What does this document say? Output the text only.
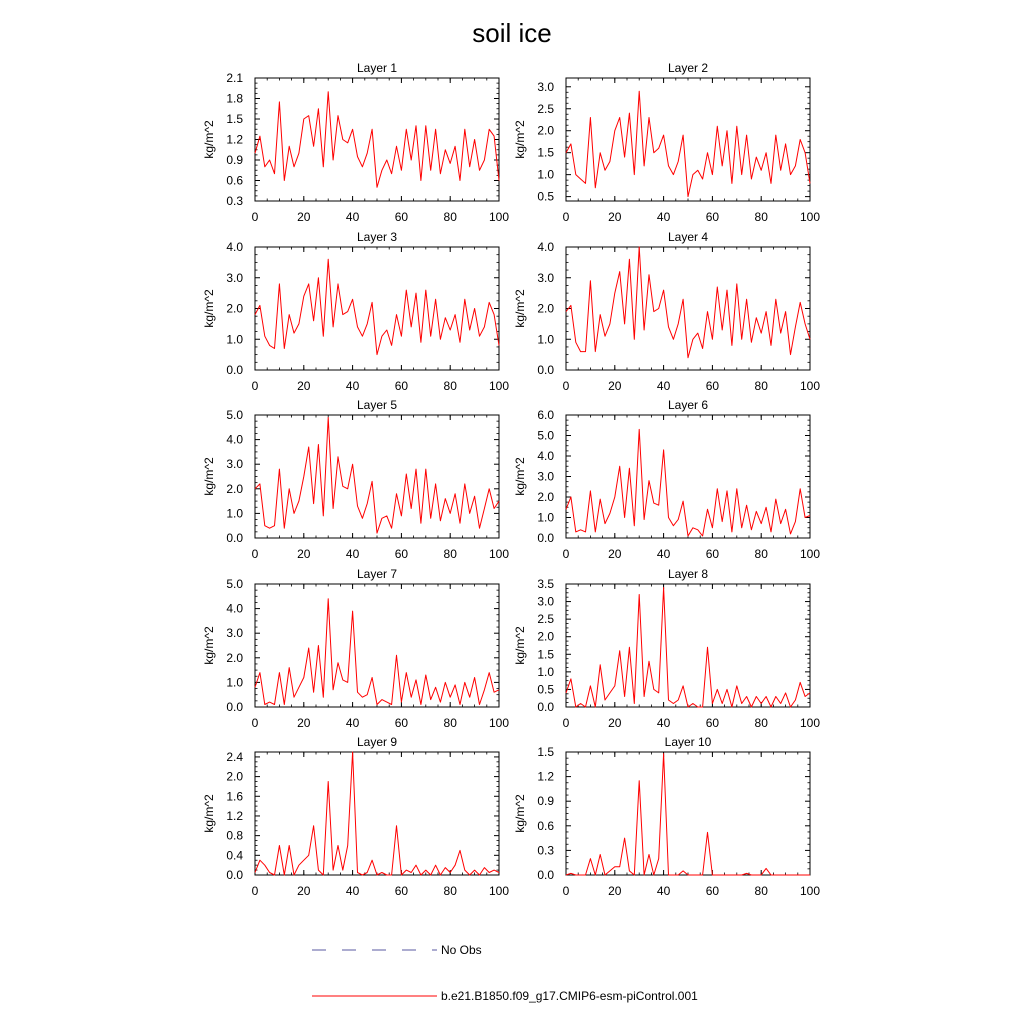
soil ice
Layer 1
0	20	40	60	80	100
0.3
0.6
0.9
1.2
1.5
1.8
2.1
kg/m^2
Layer 2
0	20	40	60	80	100
0.5
1.0
1.5
2.0
2.5
3.0
kg/m^2
Layer 3
0	20	40	60	80	100
0.0
1.0
2.0
3.0
4.0
kg/m^2
Layer 4
0	20	40	60	80	100
0.0
1.0
2.0
3.0
4.0
kg/m^2
Layer 5
0	20	40	60	80	100
0.0
1.0
2.0
3.0
4.0
5.0
kg/m^2
Layer 6
0	20	40	60	80	100
0.0
1.0
2.0
3.0
4.0
5.0
6.0
kg/m^2
Layer 7
0	20	40	60	80	100
0.0
1.0
2.0
3.0
4.0
5.0
kg/m^2
Layer 8
0	20	40	60	80	100
0.0
0.5
1.0
1.5
2.0
2.5
3.0
3.5
kg/m^2
Layer 9
0	20	40	60	80	100
0.0
0.4
0.8
1.2
1.6
2.0
2.4
kg/m^2
Layer 10
0	20	40	60	80	100
0.0
0.3
0.6
0.9
1.2
1.5
kg/m^2
No Obs
b.e21.B1850.f09_g17.CMIP6-esm-piControl.001
